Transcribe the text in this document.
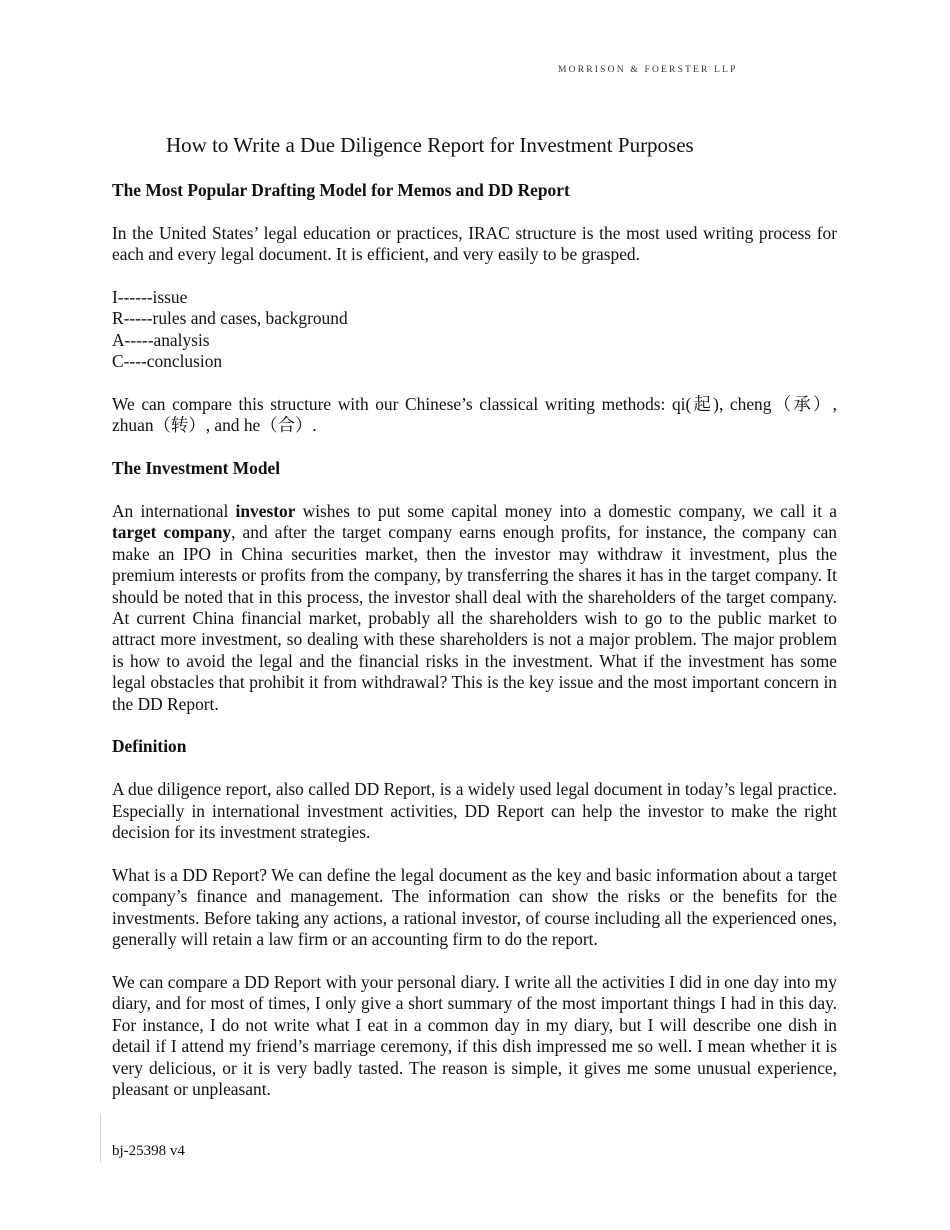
MORRISON & FOERSTER LLP
How to Write a Due Diligence Report for Investment Purposes

The Most Popular Drafting Model for Memos and DD Report

In the United States’ legal education or practices, IRAC structure is the most used writing process for each and every legal document. It is efficient, and very easily to be grasped.

I------issue
R-----rules and cases, background
A-----analysis
C----conclusion

We can compare this structure with our Chinese’s classical writing methods: qi(起), cheng（承）, zhuan（转）, and he（合）.

The Investment Model

An international investor wishes to put some capital money into a domestic company, we call it a target company, and after the target company earns enough profits, for instance, the company can make an IPO in China securities market, then the investor may withdraw it investment, plus the premium interests or profits from the company, by transferring the shares it has in the target company. It should be noted that in this process, the investor shall deal with the shareholders of the target company. At current China financial market, probably all the shareholders wish to go to the public market to attract more investment, so dealing with these shareholders is not a major problem. The major problem is how to avoid the legal and the financial risks in the investment. What if the investment has some legal obstacles that prohibit it from withdrawal? This is the key issue and the most important concern in the DD Report.

Definition

A due diligence report, also called DD Report, is a widely used legal document in today’s legal practice. Especially in international investment activities, DD Report can help the investor to make the right decision for its investment strategies.

What is a DD Report? We can define the legal document as the key and basic information about a target company’s finance and management. The information can show the risks or the benefits for the investments. Before taking any actions, a rational investor, of course including all the experienced ones, generally will retain a law firm or an accounting firm to do the report.

We can compare a DD Report with your personal diary. I write all the activities I did in one day into my diary, and for most of times, I only give a short summary of the most important things I had in this day. For instance, I do not write what I eat in a common day in my diary, but I will describe one dish in detail if I attend my friend’s marriage ceremony, if this dish impressed me so well. I mean whether it is very delicious, or it is very badly tasted. The reason is simple, it gives me some unusual experience, pleasant or unpleasant.

bj-25398 v4
